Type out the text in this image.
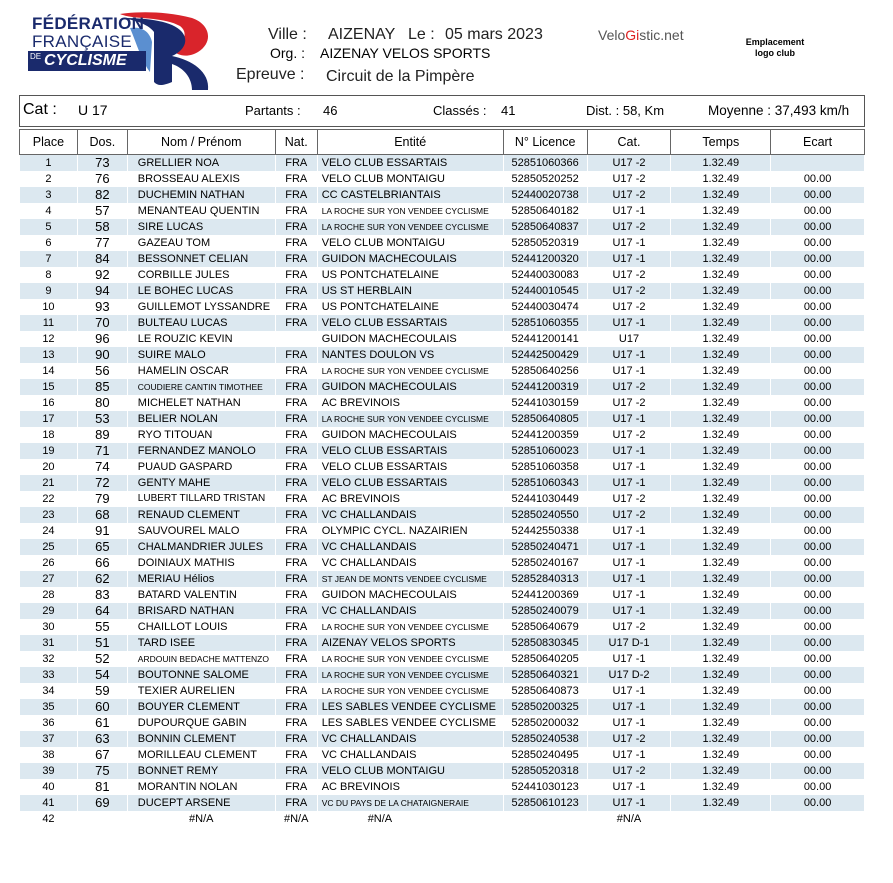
FÉDÉRATION
FRANÇAISE
DE CYCLISME
Ville : AIZENAY Le : 05 mars 2023
Org. : AIZENAY VELOS SPORTS
Epreuve : Circuit de la Pimpère
VeloGistic.net	Emplacement
logo club
Cat : U 17	Partants : 46	Classés : 41	Dist. : 58, Km	Moyenne : 37,493 km/h
Place	Dos.	Nom / Prénom	Nat.	Entité	N° Licence	Cat.	Temps	Ecart
1	73	GRELLIER NOA	FRA	VELO CLUB ESSARTAIS	52851060366	U17 -2	1.32.49	
2	76	BROSSEAU ALEXIS	FRA	VELO CLUB MONTAIGU	52850520252	U17 -2	1.32.49	00.00
3	82	DUCHEMIN NATHAN	FRA	CC CASTELBRIANTAIS	52440020738	U17 -2	1.32.49	00.00
4	57	MENANTEAU QUENTIN	FRA	LA ROCHE SUR YON VENDEE CYCLISME	52850640182	U17 -1	1.32.49	00.00
5	58	SIRE LUCAS	FRA	LA ROCHE SUR YON VENDEE CYCLISME	52850640837	U17 -2	1.32.49	00.00
6	77	GAZEAU TOM	FRA	VELO CLUB MONTAIGU	52850520319	U17 -1	1.32.49	00.00
7	84	BESSONNET CELIAN	FRA	GUIDON MACHECOULAIS	52441200320	U17 -1	1.32.49	00.00
8	92	CORBILLE JULES	FRA	US PONTCHATELAINE	52440030083	U17 -2	1.32.49	00.00
9	94	LE BOHEC LUCAS	FRA	US ST HERBLAIN	52440010545	U17 -2	1.32.49	00.00
10	93	GUILLEMOT LYSSANDRE	FRA	US PONTCHATELAINE	52440030474	U17 -2	1.32.49	00.00
11	70	BULTEAU LUCAS	FRA	VELO CLUB ESSARTAIS	52851060355	U17 -1	1.32.49	00.00
12	96	LE ROUZIC KEVIN		GUIDON MACHECOULAIS	52441200141	U17	1.32.49	00.00
13	90	SUIRE MALO	FRA	NANTES DOULON VS	52442500429	U17 -1	1.32.49	00.00
14	56	HAMELIN OSCAR	FRA	LA ROCHE SUR YON VENDEE CYCLISME	52850640256	U17 -1	1.32.49	00.00
15	85	COUDIERE CANTIN TIMOTHEE	FRA	GUIDON MACHECOULAIS	52441200319	U17 -2	1.32.49	00.00
16	80	MICHELET NATHAN	FRA	AC BREVINOIS	52441030159	U17 -2	1.32.49	00.00
17	53	BELIER NOLAN	FRA	LA ROCHE SUR YON VENDEE CYCLISME	52850640805	U17 -1	1.32.49	00.00
18	89	RYO TITOUAN	FRA	GUIDON MACHECOULAIS	52441200359	U17 -2	1.32.49	00.00
19	71	FERNANDEZ MANOLO	FRA	VELO CLUB ESSARTAIS	52851060023	U17 -1	1.32.49	00.00
20	74	PUAUD GASPARD	FRA	VELO CLUB ESSARTAIS	52851060358	U17 -1	1.32.49	00.00
21	72	GENTY MAHE	FRA	VELO CLUB ESSARTAIS	52851060343	U17 -1	1.32.49	00.00
22	79	LUBERT TILLARD TRISTAN	FRA	AC BREVINOIS	52441030449	U17 -2	1.32.49	00.00
23	68	RENAUD CLEMENT	FRA	VC CHALLANDAIS	52850240550	U17 -2	1.32.49	00.00
24	91	SAUVOUREL MALO	FRA	OLYMPIC CYCL. NAZAIRIEN	52442550338	U17 -1	1.32.49	00.00
25	65	CHALMANDRIER JULES	FRA	VC CHALLANDAIS	52850240471	U17 -1	1.32.49	00.00
26	66	DOINIAUX MATHIS	FRA	VC CHALLANDAIS	52850240167	U17 -1	1.32.49	00.00
27	62	MERIAU Hélios	FRA	ST JEAN DE MONTS VENDEE CYCLISME	52852840313	U17 -1	1.32.49	00.00
28	83	BATARD VALENTIN	FRA	GUIDON MACHECOULAIS	52441200369	U17 -1	1.32.49	00.00
29	64	BRISARD NATHAN	FRA	VC CHALLANDAIS	52850240079	U17 -1	1.32.49	00.00
30	55	CHAILLOT LOUIS	FRA	LA ROCHE SUR YON VENDEE CYCLISME	52850640679	U17 -2	1.32.49	00.00
31	51	TARD ISEE	FRA	AIZENAY VELOS SPORTS	52850830345	U17 D-1	1.32.49	00.00
32	52	ARDOUIN BEDACHE MATTENZO	FRA	LA ROCHE SUR YON VENDEE CYCLISME	52850640205	U17 -1	1.32.49	00.00
33	54	BOUTONNE SALOME	FRA	LA ROCHE SUR YON VENDEE CYCLISME	52850640321	U17 D-2	1.32.49	00.00
34	59	TEXIER AURELIEN	FRA	LA ROCHE SUR YON VENDEE CYCLISME	52850640873	U17 -1	1.32.49	00.00
35	60	BOUYER CLEMENT	FRA	LES SABLES VENDEE CYCLISME	52850200325	U17 -1	1.32.49	00.00
36	61	DUPOURQUE GABIN	FRA	LES SABLES VENDEE CYCLISME	52850200032	U17 -1	1.32.49	00.00
37	63	BONNIN CLEMENT	FRA	VC CHALLANDAIS	52850240538	U17 -2	1.32.49	00.00
38	67	MORILLEAU CLEMENT	FRA	VC CHALLANDAIS	52850240495	U17 -1	1.32.49	00.00
39	75	BONNET REMY	FRA	VELO CLUB MONTAIGU	52850520318	U17 -2	1.32.49	00.00
40	81	MORANTIN NOLAN	FRA	AC BREVINOIS	52441030123	U17 -1	1.32.49	00.00
41	69	DUCEPT ARSENE	FRA	VC DU PAYS DE LA CHATAIGNERAIE	52850610123	U17 -1	1.32.49	00.00
42		#N/A	#N/A	#N/A		#N/A		
